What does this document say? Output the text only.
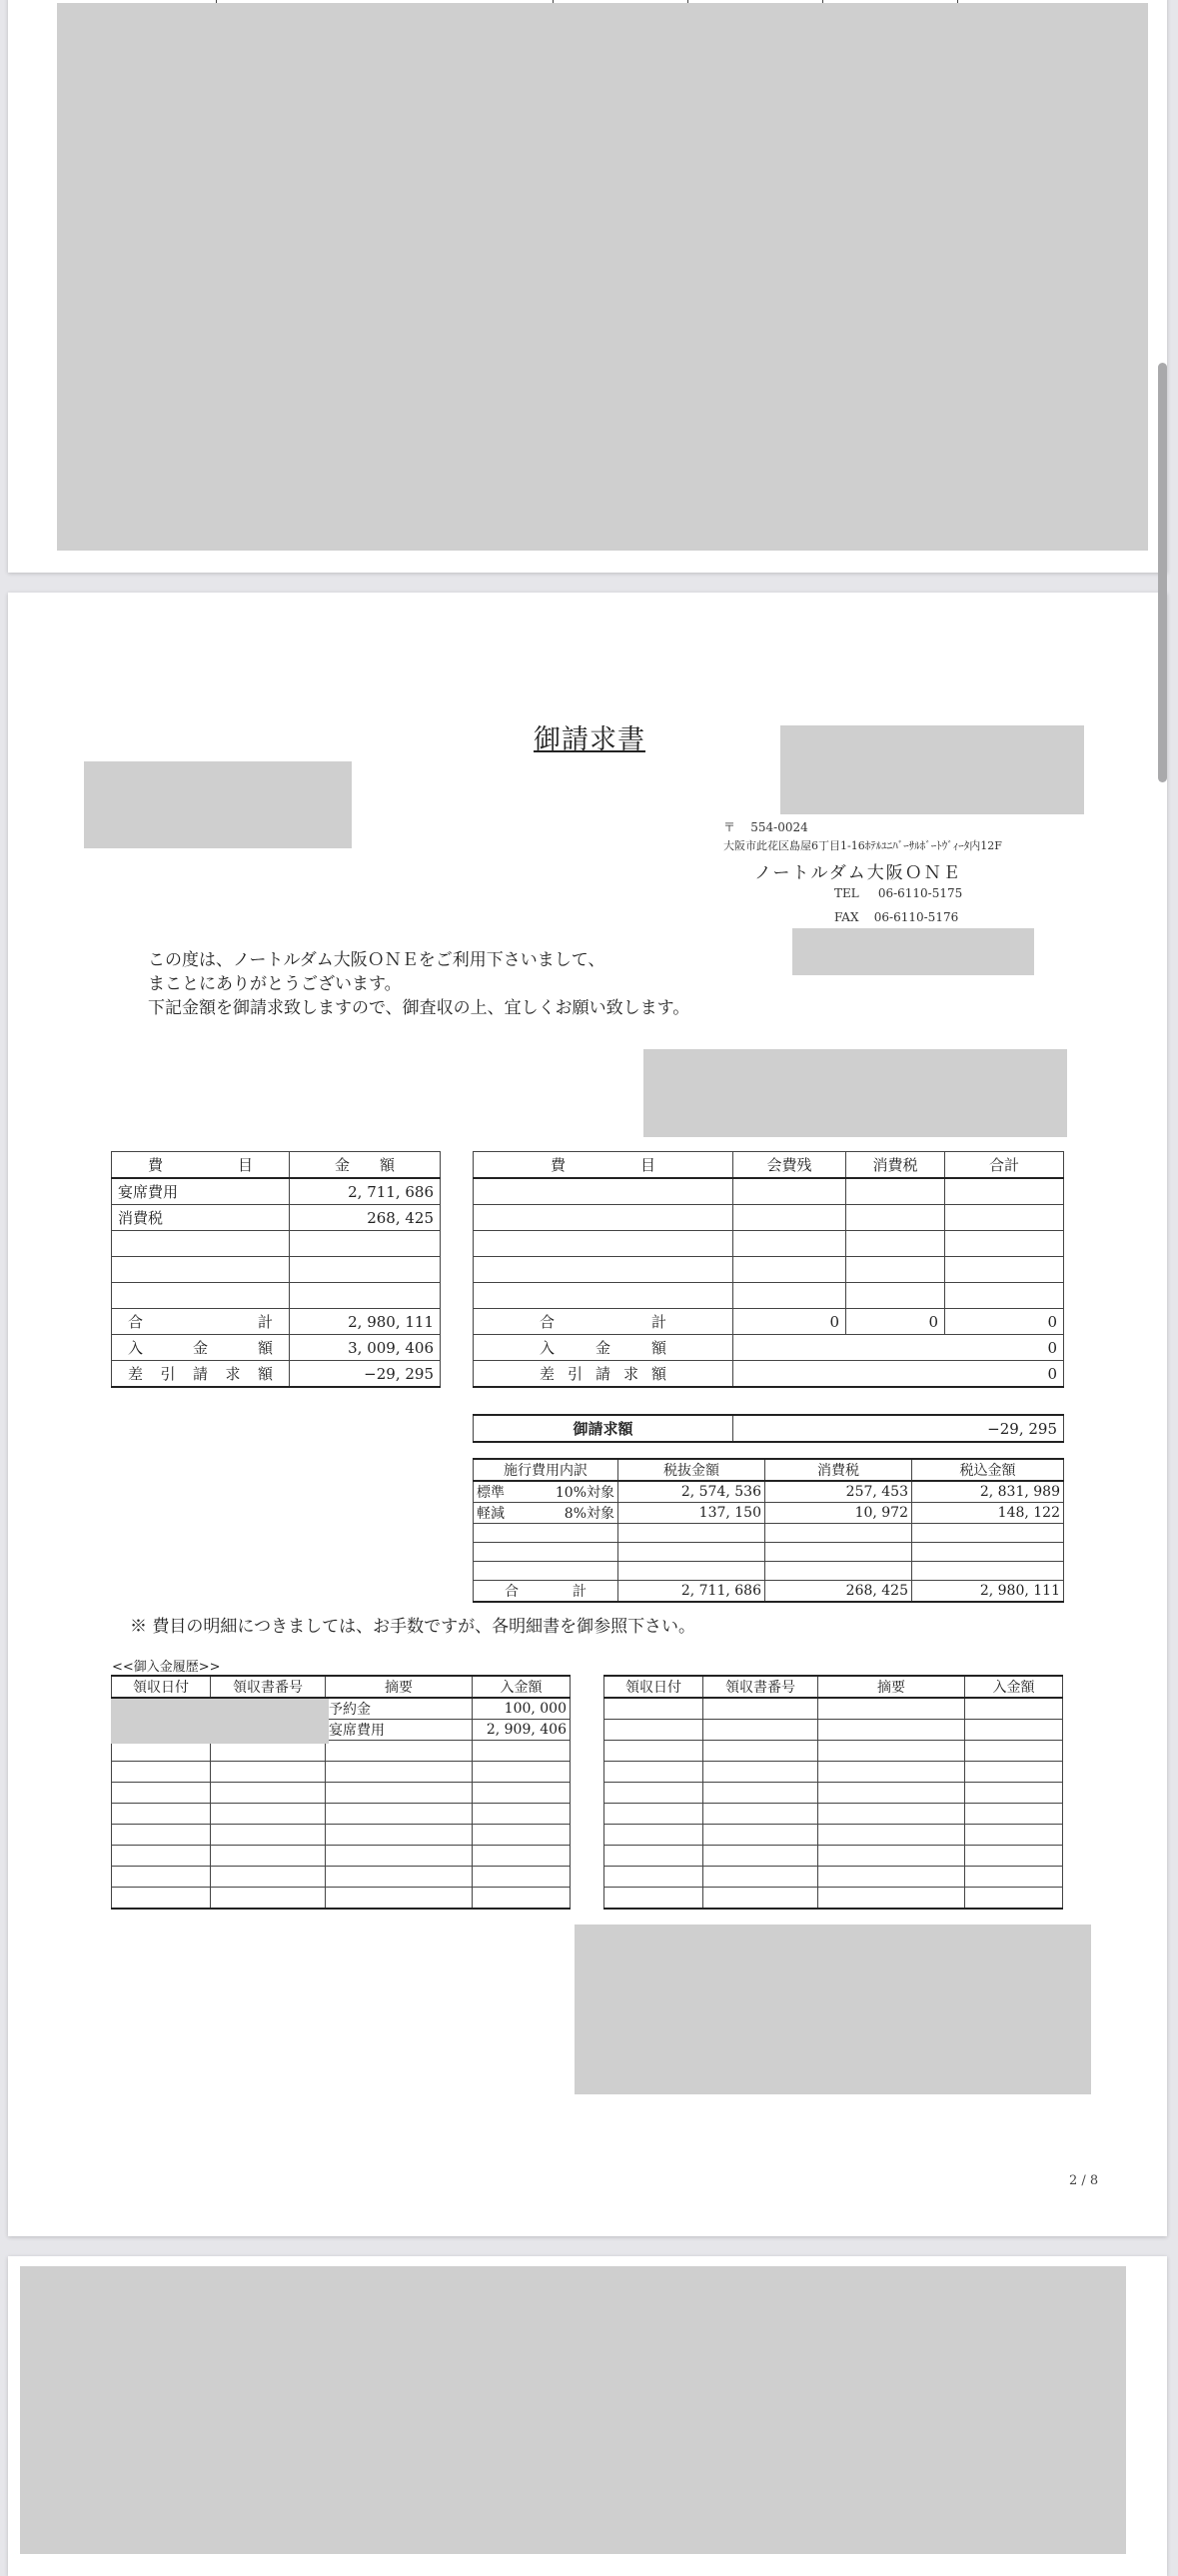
御請求書
〒 554-0024
大阪市此花区島屋6丁目1-16ﾎﾃﾙﾕﾆﾊﾞｰｻﾙﾎﾞｰﾄｳﾞｨｰﾀ内12F
ノートルダム大阪ＯＮＥ
TEL 06-6110-5175
FAX 06-6110-5176
この度は、ノートルダム大阪ＯＮＥをご利用下さいまして、
まことにありがとうございます。
下記金額を御請求致しますので、御査収の上、宜しくお願い致します。
費　　　　　目	金　　額
宴席費用	2, 711, 686
消費税	268, 425

合 計	2, 980, 111

入 金 額	3, 009, 406

差 引 請 求 額	−29, 295
費　　　　　目	会費残	消費税	合計

合 計	0	0	0

入 金 額	0		

差 引 請 求 額	0		
御請求額	−29, 295
施行費用内訳	税抜金額	消費税	税込金額

標準 10%対象	2, 574, 536	257, 453	2, 831, 989

軽減 8%対象	137, 150	10, 972	148, 122

合 計	2, 711, 686	268, 425	2, 980, 111
※ 費目の明細につきましては、お手数ですが、各明細書を御参照下さい。
<<御入金履歴>>
領収日付	領収書番号	摘要	入金額
		予約金	100, 000
		宴席費用	2, 909, 406

領収日付	領収書番号	摘要	入金額

2 / 8
